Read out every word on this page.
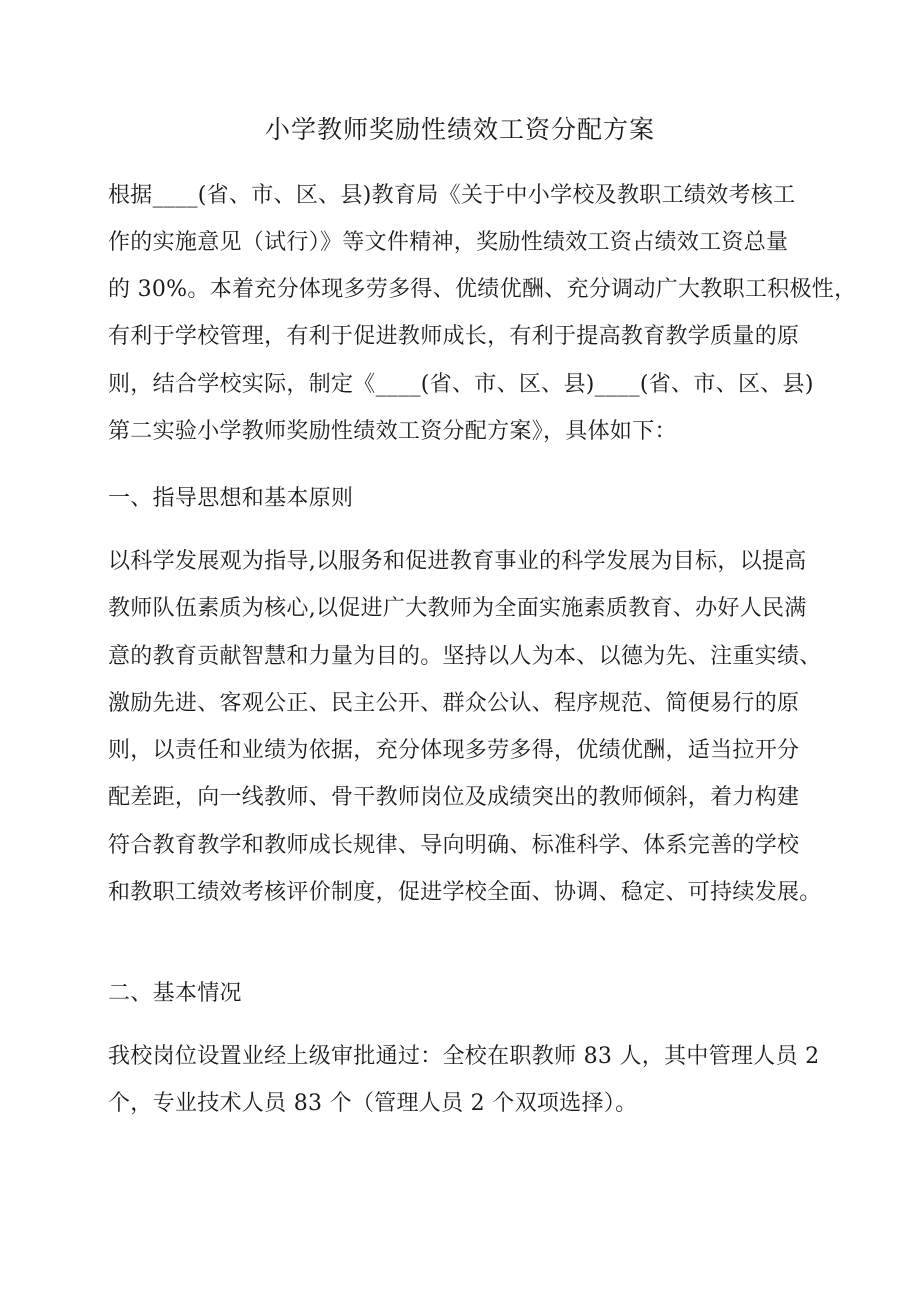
小学教师奖励性绩效工资分配方案
根据____(省、市、区、县)教育局《关于中小学校及教职工绩效考核工
作的实施意见（试行）》等文件精神，奖励性绩效工资占绩效工资总量
的 30%。本着充分体现多劳多得、优绩优酬、充分调动广大教职工积极性，
有利于学校管理，有利于促进教师成长，有利于提高教育教学质量的原
则，结合学校实际，制定《____(省、市、区、县)____(省、市、区、县)
第二实验小学教师奖励性绩效工资分配方案》，具体如下：
一、指导思想和基本原则
以科学发展观为指导,以服务和促进教育事业的科学发展为目标，以提高
教师队伍素质为核心,以促进广大教师为全面实施素质教育、办好人民满
意的教育贡献智慧和力量为目的。坚持以人为本、以德为先、注重实绩、
激励先进、客观公正、民主公开、群众公认、程序规范、简便易行的原
则，以责任和业绩为依据，充分体现多劳多得，优绩优酬，适当拉开分
配差距，向一线教师、骨干教师岗位及成绩突出的教师倾斜，着力构建
符合教育教学和教师成长规律、导向明确、标准科学、体系完善的学校
和教职工绩效考核评价制度，促进学校全面、协调、稳定、可持续发展。
二、基本情况
我校岗位设置业经上级审批通过：全校在职教师 83 人，其中管理人员 2
个，专业技术人员 83 个（管理人员 2 个双项选择）。
